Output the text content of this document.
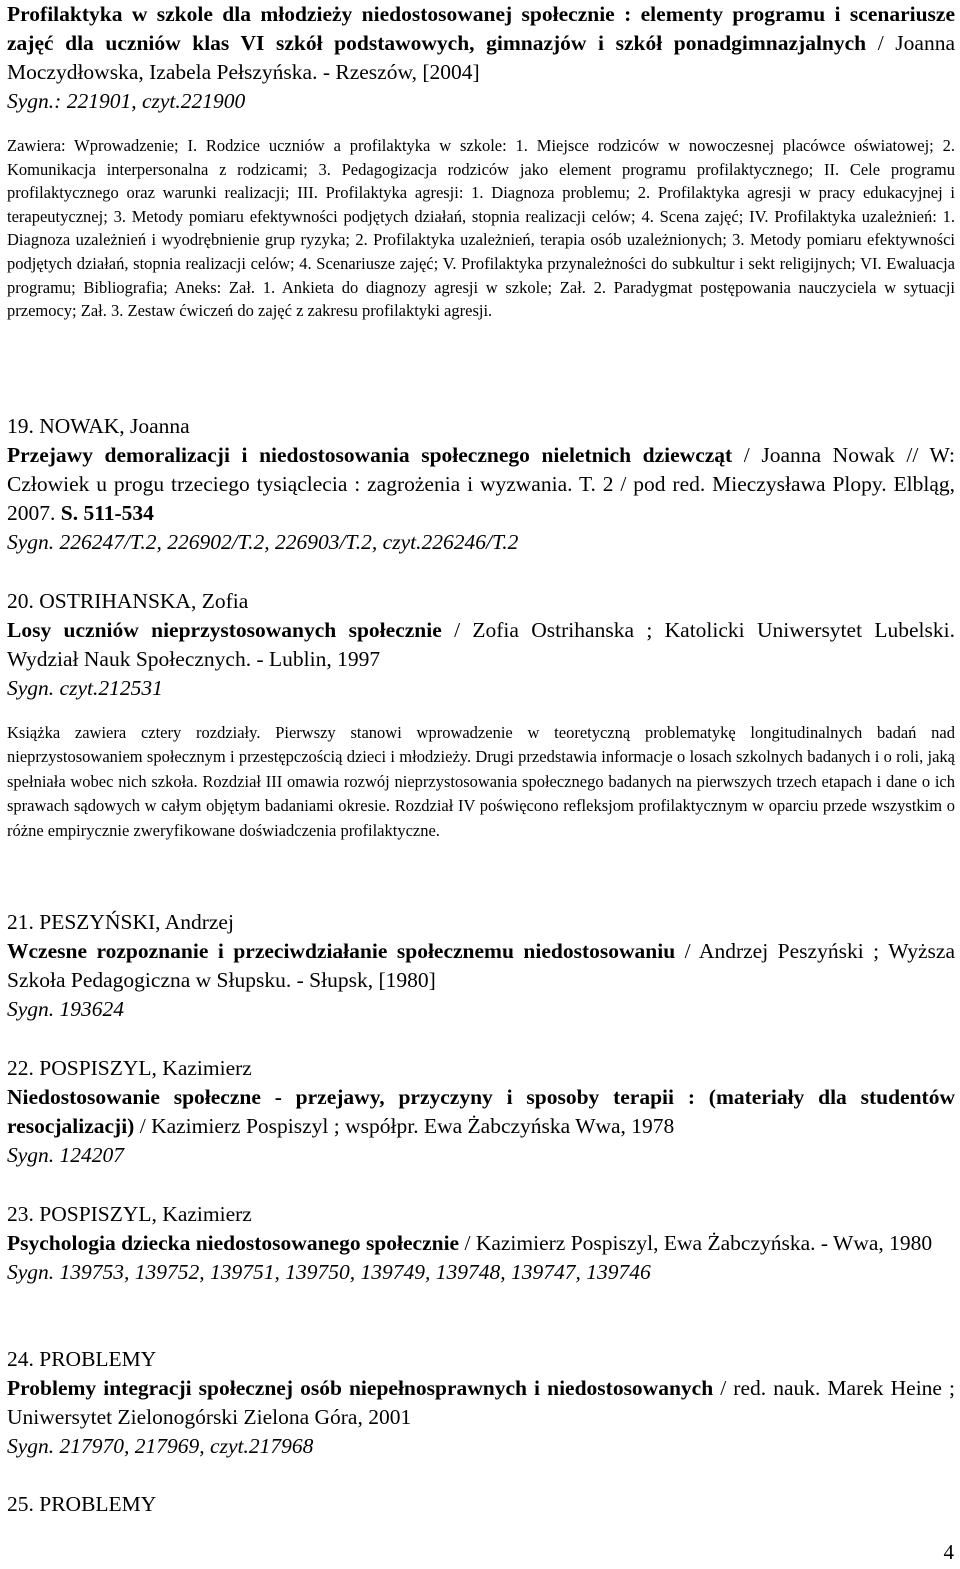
Profilaktyka w szkole dla młodzieży niedostosowanej społecznie : elementy programu i scenariusze zajęć dla uczniów klas VI szkół podstawowych, gimnazjów i szkół ponadgimnazjalnych / Joanna Moczydłowska, Izabela Pełszyńska. - Rzeszów, [2004]

Sygn.: 221901, czyt.221900

Zawiera: Wprowadzenie; I. Rodzice uczniów a profilaktyka w szkole: 1. Miejsce rodziców w nowoczesnej placówce oświatowej; 2. Komunikacja interpersonalna z rodzicami; 3. Pedagogizacja rodziców jako element programu profilaktycznego; II. Cele programu profilaktycznego oraz warunki realizacji; III. Profilaktyka agresji: 1. Diagnoza problemu; 2. Profilaktyka agresji w pracy edukacyjnej i terapeutycznej; 3. Metody pomiaru efektywności podjętych działań, stopnia realizacji celów; 4. Scena zajęć; IV. Profilaktyka uzależnień: 1. Diagnoza uzależnień i wyodrębnienie grup ryzyka; 2. Profilaktyka uzależnień, terapia osób uzależnionych; 3. Metody pomiaru efektywności podjętych działań, stopnia realizacji celów; 4. Scenariusze zajęć; V. Profilaktyka przynależności do subkultur i sekt religijnych; VI. Ewaluacja programu; Bibliografia; Aneks: Zał. 1. Ankieta do diagnozy agresji w szkole; Zał. 2. Paradygmat postępowania nauczyciela w sytuacji przemocy; Zał. 3. Zestaw ćwiczeń do zajęć z zakresu profilaktyki agresji.

19. NOWAK, Joanna

Przejawy demoralizacji i niedostosowania społecznego nieletnich dziewcząt / Joanna Nowak // W: Człowiek u progu trzeciego tysiąclecia : zagrożenia i wyzwania. T. 2 / pod red. Mieczysława Plopy. Elbląg, 2007. S. 511-534

Sygn. 226247/T.2, 226902/T.2, 226903/T.2, czyt.226246/T.2

20. OSTRIHANSKA, Zofia

Losy uczniów nieprzystosowanych społecznie / Zofia Ostrihanska ; Katolicki Uniwersytet Lubelski. Wydział Nauk Społecznych. - Lublin, 1997

Sygn. czyt.212531

Książka zawiera cztery rozdziały. Pierwszy stanowi wprowadzenie w teoretyczną problematykę longitudinalnych badań nad nieprzystosowaniem społecznym i przestępczością dzieci i młodzieży. Drugi przedstawia informacje o losach szkolnych badanych i o roli, jaką spełniała wobec nich szkoła. Rozdział III omawia rozwój nieprzystosowania społecznego badanych na pierwszych trzech etapach i dane o ich sprawach sądowych w całym objętym badaniami okresie. Rozdział IV poświęcono refleksjom profilaktycznym w oparciu przede wszystkim o różne empirycznie zweryfikowane doświadczenia profilaktyczne.

21. PESZYŃSKI, Andrzej

Wczesne rozpoznanie i przeciwdziałanie społecznemu niedostosowaniu / Andrzej Peszyński ; Wyższa Szkoła Pedagogiczna w Słupsku. - Słupsk, [1980]

Sygn. 193624

22. POSPISZYL, Kazimierz

Niedostosowanie społeczne - przejawy, przyczyny i sposoby terapii : (materiały dla studentów resocjalizacji) / Kazimierz Pospiszyl ; współpr. Ewa Żabczyńska Wwa, 1978

Sygn. 124207

23. POSPISZYL, Kazimierz

Psychologia dziecka niedostosowanego społecznie / Kazimierz Pospiszyl, Ewa Żabczyńska. - Wwa, 1980

Sygn. 139753, 139752, 139751, 139750, 139749, 139748, 139747, 139746

24. PROBLEMY

Problemy integracji społecznej osób niepełnosprawnych i niedostosowanych / red. nauk. Marek Heine ; Uniwersytet Zielonogórski Zielona Góra, 2001

Sygn. 217970, 217969, czyt.217968

25. PROBLEMY

4
